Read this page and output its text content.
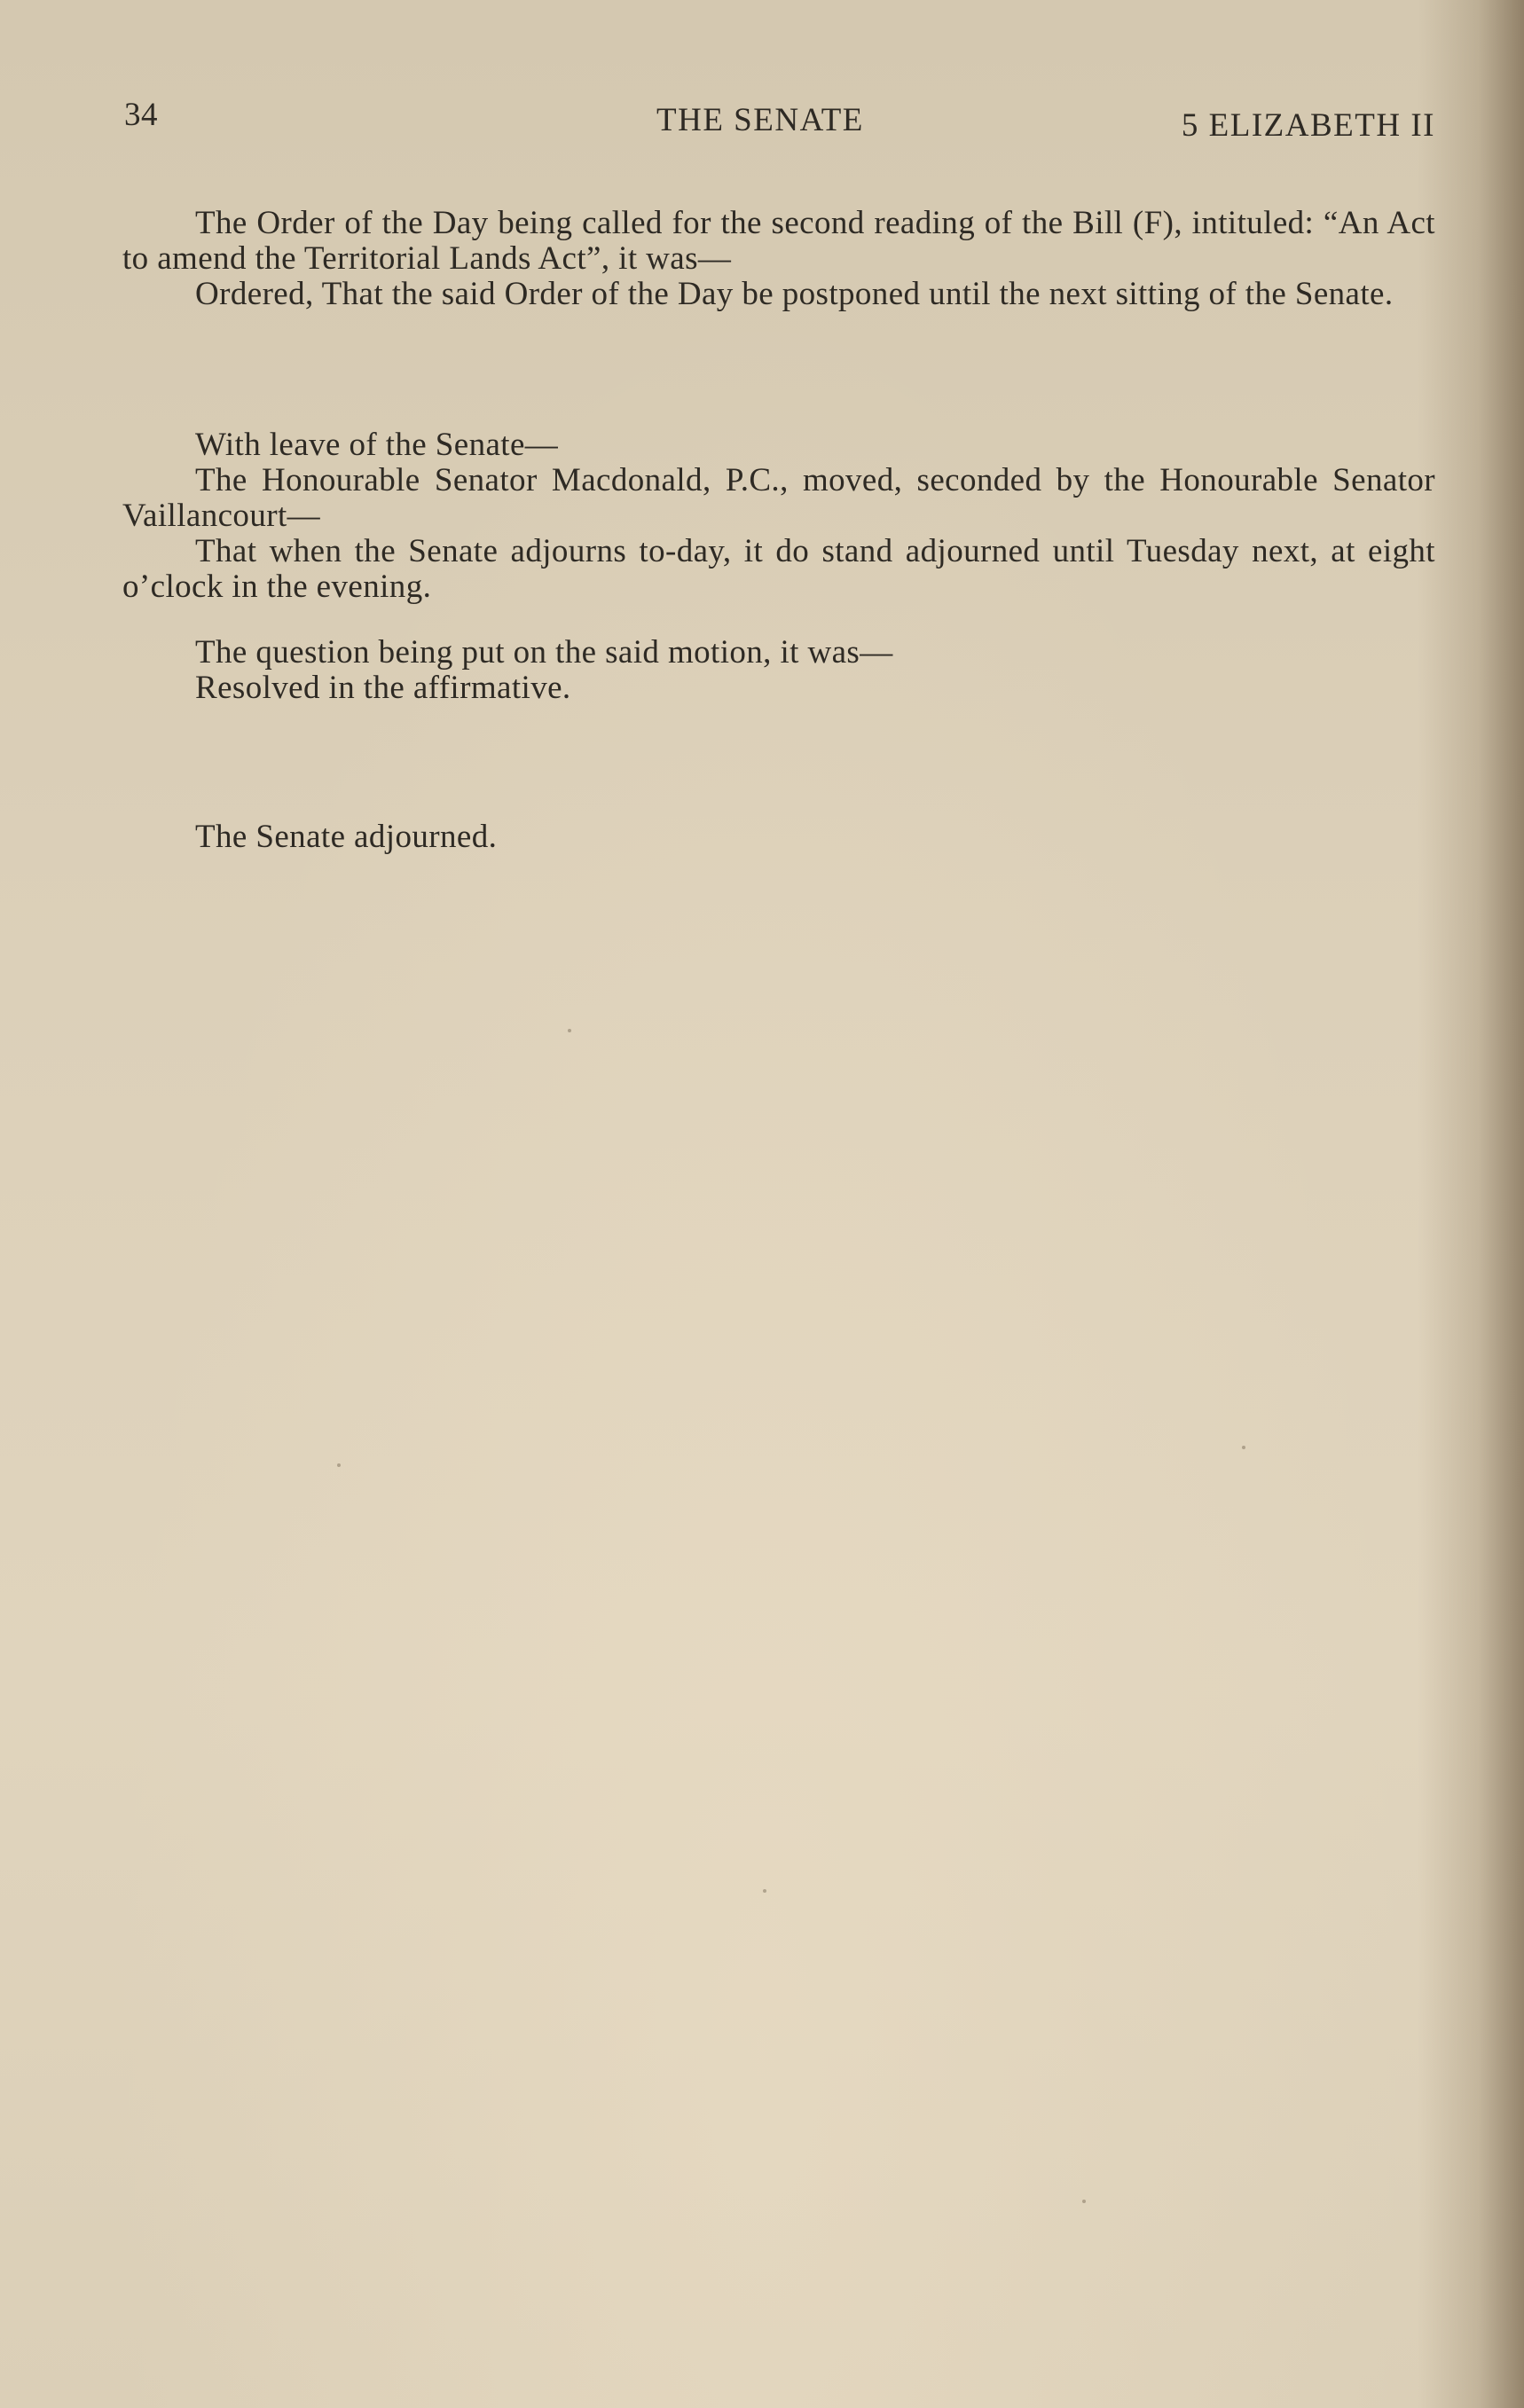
34	THE SENATE	5 ELIZABETH II

The Order of the Day being called for the second reading of the Bill (F), intituled: “An Act to amend the Territorial Lands Act”, it was—

Ordered, That the said Order of the Day be postponed until the next sitting of the Senate.

With leave of the Senate—

The Honourable Senator Macdonald, P.C., moved, seconded by the Honourable Senator Vaillancourt—

That when the Senate adjourns to-day, it do stand adjourned until Tuesday next, at eight o’clock in the evening.

The question being put on the said motion, it was—

Resolved in the affirmative.

The Senate adjourned.
